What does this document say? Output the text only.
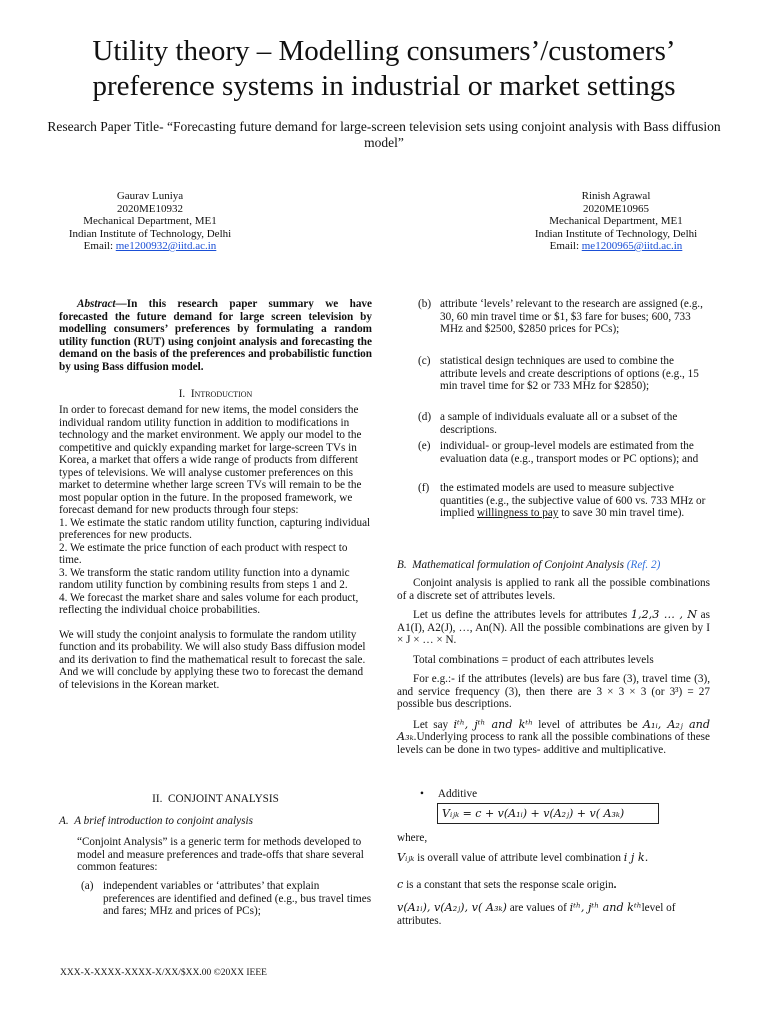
Utility theory – Modelling consumers’/customers’
preference systems in industrial or market settings
Research Paper Title- “Forecasting future demand for large-screen television sets using conjoint analysis with Bass diffusion model”
Gaurav Luniya
2020ME10932
Mechanical Department, ME1
Indian Institute of Technology, Delhi
Email: me1200932@iitd.ac.in
Rinish Agrawal
2020ME10965
Mechanical Department, ME1
Indian Institute of Technology, Delhi
Email: me1200965@iitd.ac.in

Abstract—In this research paper summary we have forecasted the future demand for large screen television by modelling consumers’ preferences by formulating a random utility function (RUT) using conjoint analysis and forecasting the demand on the basis of the preferences and probabilistic function by using Bass diffusion model.

I. Introduction

In order to forecast demand for new items, the model considers the individual random utility function in addition to modifications in technology and the market environment. We apply our model to the competitive and quickly expanding market for large-screen TVs in Korea, a market that offers a wide range of products from different types of televisions. We will analyse customer preferences on this market to determine whether large screen TVs will remain to be the most popular option in the future. In the proposed framework, we forecast demand for new products through four steps:

1. We estimate the static random utility function, capturing individual preferences for new products.

2. We estimate the price function of each product with respect to time.

3. We transform the static random utility function into a dynamic random utility function by combining results from steps 1 and 2.

4. We forecast the market share and sales volume for each product, reflecting the individual choice probabilities.

We will study the conjoint analysis to formulate the random utility function and its probability. We will also study Bass diffusion model and its derivation to find the mathematical result to forecast the sale. And we will conclude by applying these two to forecast the demand of televisions in the Korean market.

II. CONJOINT ANALYSIS
A. A brief introduction to conjoint analysis

“Conjoint Analysis” is a generic term for methods developed to model and measure preferences and trade-offs that share several common features:

(a) independent variables or ‘attributes’ that explain preferences are identified and defined (e.g., bus travel times and fares; MHz and prices of PCs);
(b) attribute ‘levels’ relevant to the research are assigned (e.g., 30, 60 min travel time or $1, $3 fare for buses; 600, 733 MHz and $2500, $2850 prices for PCs);
(c) statistical design techniques are used to combine the attribute levels and create descriptions of options (e.g., 15 min travel time for $2 or 733 MHz for $2850);
(d) a sample of individuals evaluate all or a subset of the descriptions.
(e) individual- or group-level models are estimated from the evaluation data (e.g., transport modes or PC options); and
(f) the estimated models are used to measure subjective quantities (e.g., the subjective value of 600 vs. 733 MHz or implied willingness to pay to save 30 min travel time).
B. Mathematical formulation of Conjoint Analysis (Ref. 2)

Conjoint analysis is applied to rank all the possible combinations of a discrete set of attributes levels.

Let us define the attributes levels for attributes 1,2,3 … , N as A1(I), A2(J), …, An(N). All the possible combinations are given by I × J × … × N.

Total combinations = product of each attributes levels

For e.g.:- if the attributes (levels) are bus fare (3), travel time (3), and service frequency (3), then there are 3 × 3 × 3 (or 3³) = 27 possible bus descriptions.

Let say iᵗʰ, jᵗʰ and kᵗʰ level of attributes be A₁ᵢ, A₂ⱼ and A₃ₖ.Underlying process to rank all the possible combinations of these levels can be done in two types- additive and multiplicative.

• Additive
Vᵢⱼₖ = c + v(A₁ᵢ) + v(A₂ⱼ) + v( A₃ₖ)
where,
Vᵢⱼₖ is overall value of attribute level combination i j k.
c is a constant that sets the response scale origin.
v(A₁ᵢ), v(A₂ⱼ), v( A₃ₖ) are values of iᵗʰ, jᵗʰ and kᵗʰlevel of attributes.
XXX-X-XXXX-XXXX-X/XX/$XX.00 ©20XX IEEE
